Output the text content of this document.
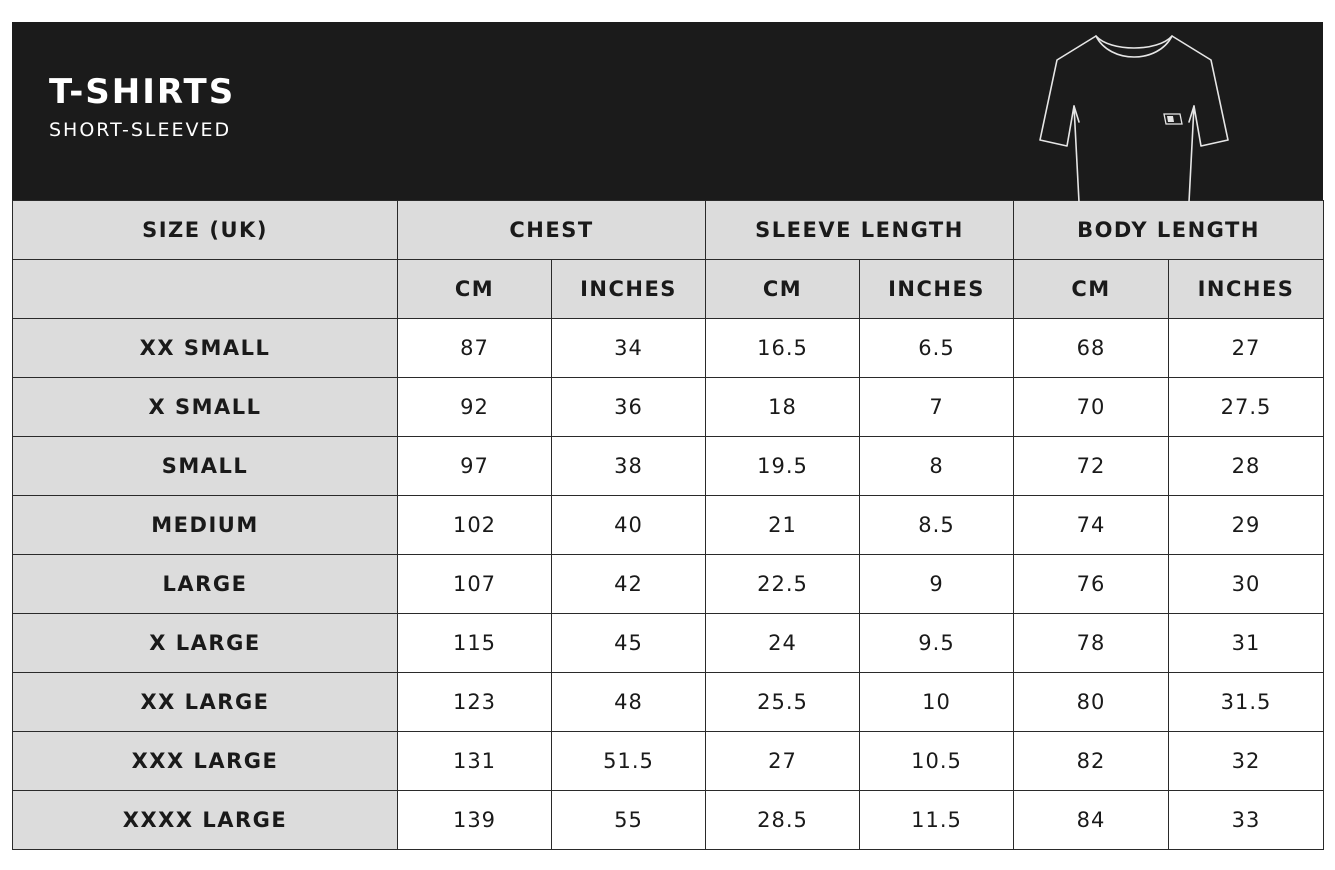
T-SHIRTS
SHORT-SLEEVED
SIZE (UK)	CHEST		SLEEVE LENGTH		BODY LENGTH	
	CM	INCHES	CM	INCHES	CM	INCHES
XX SMALL	87	34	16.5	6.5	68	27
X SMALL	92	36	18	7	70	27.5
SMALL	97	38	19.5	8	72	28
MEDIUM	102	40	21	8.5	74	29
LARGE	107	42	22.5	9	76	30
X LARGE	115	45	24	9.5	78	31
XX LARGE	123	48	25.5	10	80	31.5
XXX LARGE	131	51.5	27	10.5	82	32
XXXX LARGE	139	55	28.5	11.5	84	33
